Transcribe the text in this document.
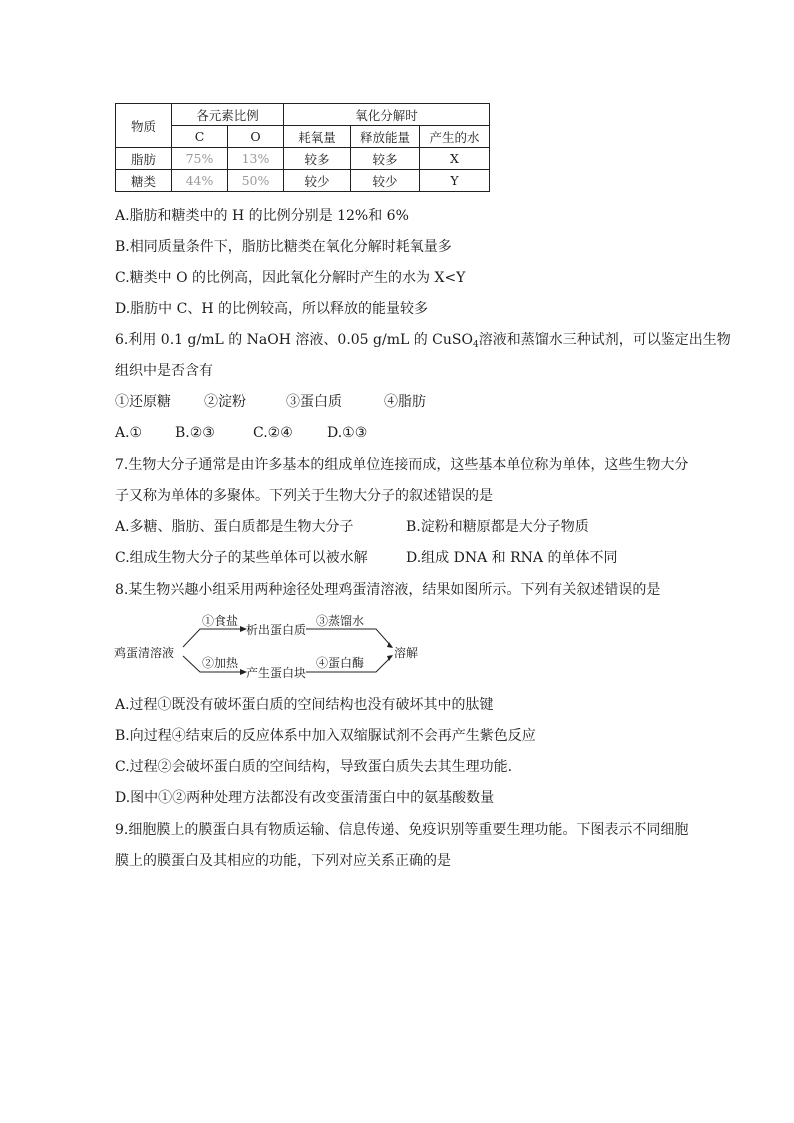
物质	各元素比例		氧化分解时		
	C	O	耗氧量	释放能量	产生的水
脂肪	75%	13%	较多	较多	X
糖类	44%	50%	较少	较少	Y
A.脂肪和糖类中的 H 的比例分别是 12%和 6%
B.相同质量条件下，脂肪比糖类在氧化分解时耗氧量多
C.糖类中 O 的比例高，因此氧化分解时产生的水为 X<Y
D.脂肪中 C、H 的比例较高，所以释放的能量较多
6.利用 0.1 g/mL 的 NaOH 溶液、0.05 g/mL 的 CuSO$_4$溶液和蒸馏水三种试剂，可以鉴定出生物
组织中是否含有
①还原糖 ②淀粉	③蛋白质	④脂肪
A.① B.②③	C.②④ D.①③
7.生物大分子通常是由许多基本的组成单位连接而成，这些基本单位称为单体，这些生物大分
子又称为单体的多聚体。下列关于生物大分子的叙述错误的是
A.多糖、脂肪、蛋白质都是生物大分子	B.淀粉和糖原都是大分子物质
C.组成生物大分子的某些单体可以被水解	D.组成 DNA 和 RNA 的单体不同
8.某生物兴趣小组采用两种途径处理鸡蛋清溶液，结果如图所示。下列有关叙述错误的是
鸡蛋清溶液
①食盐
析出蛋白质
③蒸馏水
②加热
产生蛋白块
④蛋白酶
溶解
A.过程①既没有破坏蛋白质的空间结构也没有破坏其中的肽键
B.向过程④结束后的反应体系中加入双缩脲试剂不会再产生紫色反应
C.过程②会破坏蛋白质的空间结构，导致蛋白质失去其生理功能.
D.图中①②两种处理方法都没有改变蛋清蛋白中的氨基酸数量
9.细胞膜上的膜蛋白具有物质运输、信息传递、免疫识别等重要生理功能。下图表示不同细胞
膜上的膜蛋白及其相应的功能，下列对应关系正确的是
